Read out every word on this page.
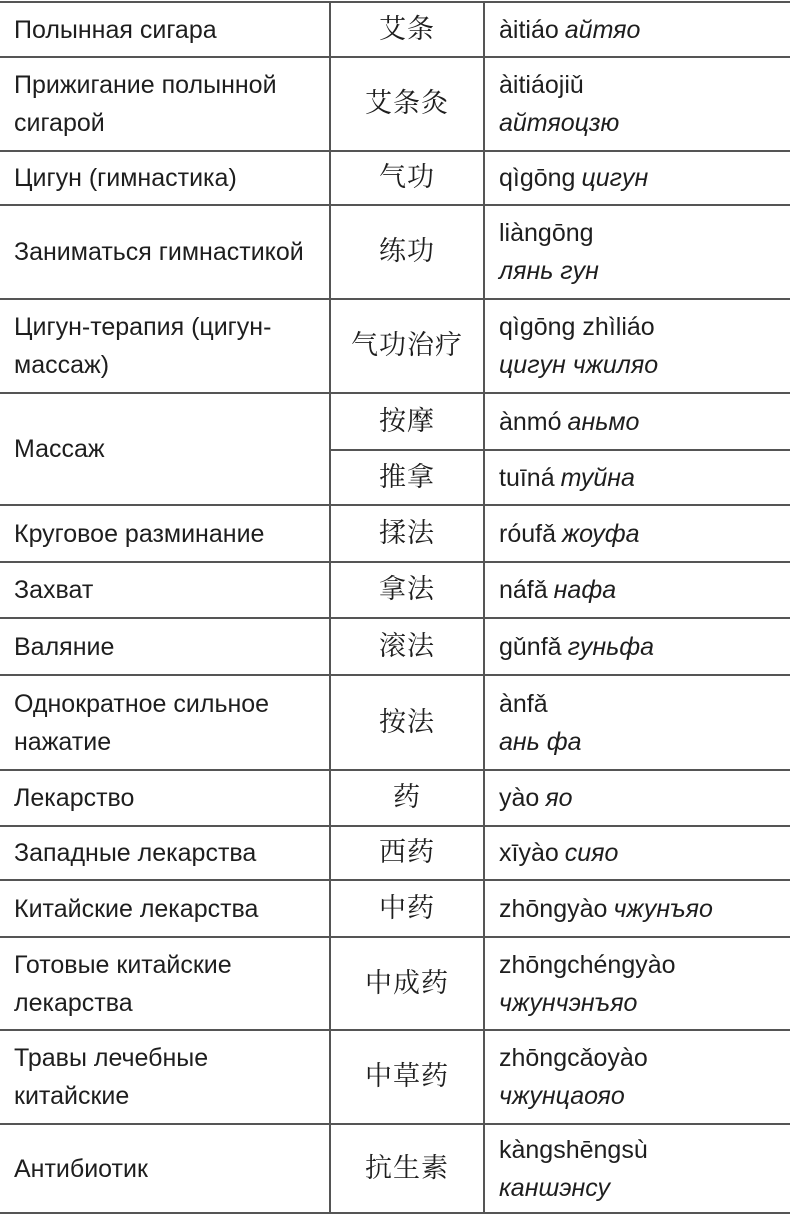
Полынная сигара	艾条	àitiáo айтяо
Прижигание полынной сигарой	艾条灸	àitiáojiǔ
айтяоцзю

Цигун (гимнастика)	气功	qìgōng цигун
Заниматься гимнастикой	练功	liàngōng
лянь гун

Цигун-терапия (цигун-массаж)	气功治疗	qìgōng zhìliáo
цигун чжиляо

Массаж	按摩	ànmó аньмо
	推拿	tuīná туйна
Круговое разминание	揉法	róufǎ жоуфа
Захват	拿法	náfǎ нафа
Валяние	滚法	gǔnfǎ гуньфа
Однократное сильное нажатие	按法	ànfǎ
ань фа

Лекарство	药	yào яо
Западные лекарства	西药	xīyào сияо
Китайские лекарства	中药	zhōngyào чжунъяо
Готовые китайские лекарства	中成药	zhōngchéngyào
чжунчэнъяо

Травы лечебные китайские	中草药	zhōngcǎoyào
чжунцаояо

Антибиотик	抗生素	kàngshēngsù
каншэнсу
